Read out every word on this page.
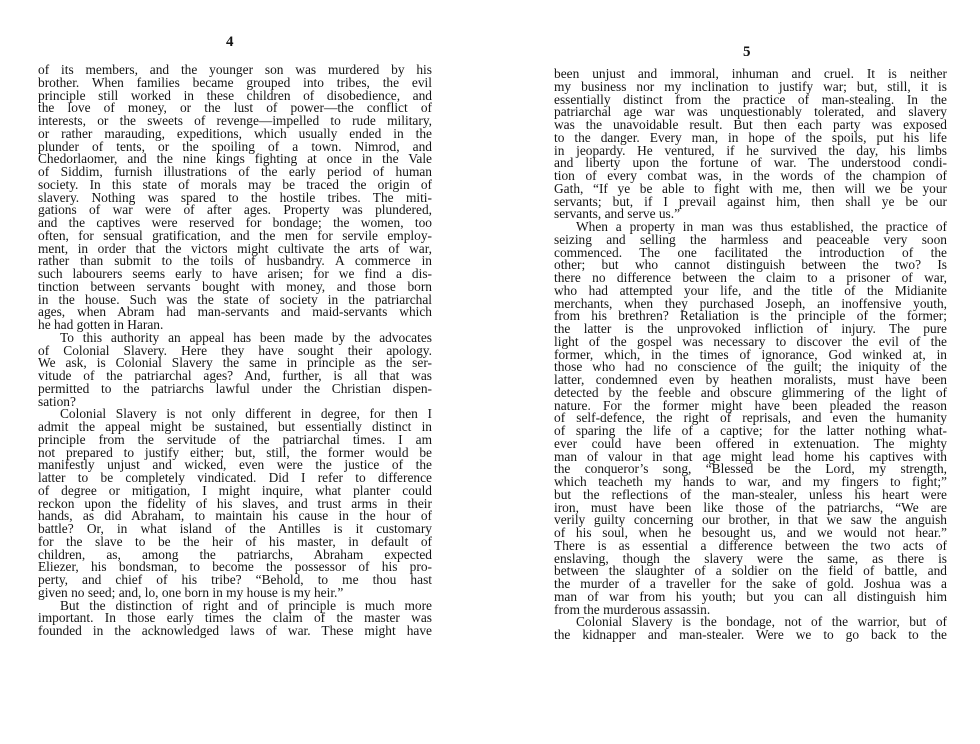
4
of its members, and the younger son was murdered by his
brother. When families became grouped into tribes, the evil
principle still worked in these children of disobedience, and
the love of money, or the lust of power—the conflict of
interests, or the sweets of revenge—impelled to rude military,
or rather marauding, expeditions, which usually ended in the
plunder of tents, or the spoiling of a town. Nimrod, and
Chedorlaomer, and the nine kings fighting at once in the Vale
of Siddim, furnish illustrations of the early period of human
society. In this state of morals may be traced the origin of
slavery. Nothing was spared to the hostile tribes. The miti-
gations of war were of after ages. Property was plundered,
and the captives were reserved for bondage; the women, too
often, for sensual gratification, and the men for servile employ-
ment, in order that the victors might cultivate the arts of war,
rather than submit to the toils of husbandry. A commerce in
such labourers seems early to have arisen; for we find a dis-
tinction between servants bought with money, and those born
in the house. Such was the state of society in the patriarchal
ages, when Abram had man-servants and maid-servants which
he had gotten in Haran.
To this authority an appeal has been made by the advocates
of Colonial Slavery. Here they have sought their apology.
We ask, is Colonial Slavery the same in principle as the ser-
vitude of the patriarchal ages? And, further, is all that was
permitted to the patriarchs lawful under the Christian dispen-
sation?
Colonial Slavery is not only different in degree, for then I
admit the appeal might be sustained, but essentially distinct in
principle from the servitude of the patriarchal times. I am
not prepared to justify either; but, still, the former would be
manifestly unjust and wicked, even were the justice of the
latter to be completely vindicated. Did I refer to difference
of degree or mitigation, I might inquire, what planter could
reckon upon the fidelity of his slaves, and trust arms in their
hands, as did Abraham, to maintain his cause in the hour of
battle? Or, in what island of the Antilles is it customary
for the slave to be the heir of his master, in default of
children, as, among the patriarchs, Abraham expected
Eliezer, his bondsman, to become the possessor of his pro-
perty, and chief of his tribe? “Behold, to me thou hast
given no seed; and, lo, one born in my house is my heir.”
But the distinction of right and of principle is much more
important. In those early times the claim of the master was
founded in the acknowledged laws of war. These might have
5
been unjust and immoral, inhuman and cruel. It is neither
my business nor my inclination to justify war; but, still, it is
essentially distinct from the practice of man-stealing. In the
patriarchal age war was unquestionably tolerated, and slavery
was the unavoidable result. But then each party was exposed
to the danger. Every man, in hope of the spoils, put his life
in jeopardy. He ventured, if he survived the day, his limbs
and liberty upon the fortune of war. The understood condi-
tion of every combat was, in the words of the champion of
Gath, “If ye be able to fight with me, then will we be your
servants; but, if I prevail against him, then shall ye be our
servants, and serve us.”
When a property in man was thus established, the practice of
seizing and selling the harmless and peaceable very soon
commenced. The one facilitated the introduction of the
other; but who cannot distinguish between the two? Is
there no difference between the claim to a prisoner of war,
who had attempted your life, and the title of the Midianite
merchants, when they purchased Joseph, an inoffensive youth,
from his brethren? Retaliation is the principle of the former;
the latter is the unprovoked infliction of injury. The pure
light of the gospel was necessary to discover the evil of the
former, which, in the times of ignorance, God winked at, in
those who had no conscience of the guilt; the iniquity of the
latter, condemned even by heathen moralists, must have been
detected by the feeble and obscure glimmering of the light of
nature. For the former might have been pleaded the reason
of self-defence, the right of reprisals, and even the humanity
of sparing the life of a captive; for the latter nothing what-
ever could have been offered in extenuation. The mighty
man of valour in that age might lead home his captives with
the conqueror’s song, “Blessed be the Lord, my strength,
which teacheth my hands to war, and my fingers to fight;”
but the reflections of the man-stealer, unless his heart were
iron, must have been like those of the patriarchs, “We are
verily guilty concerning our brother, in that we saw the anguish
of his soul, when he besought us, and we would not hear.”
There is as essential a difference between the two acts of
enslaving, though the slavery were the same, as there is
between the slaughter of a soldier on the field of battle, and
the murder of a traveller for the sake of gold. Joshua was a
man of war from his youth; but you can all distinguish him
from the murderous assassin.
Colonial Slavery is the bondage, not of the warrior, but of
the kidnapper and man-stealer. Were we to go back to the
